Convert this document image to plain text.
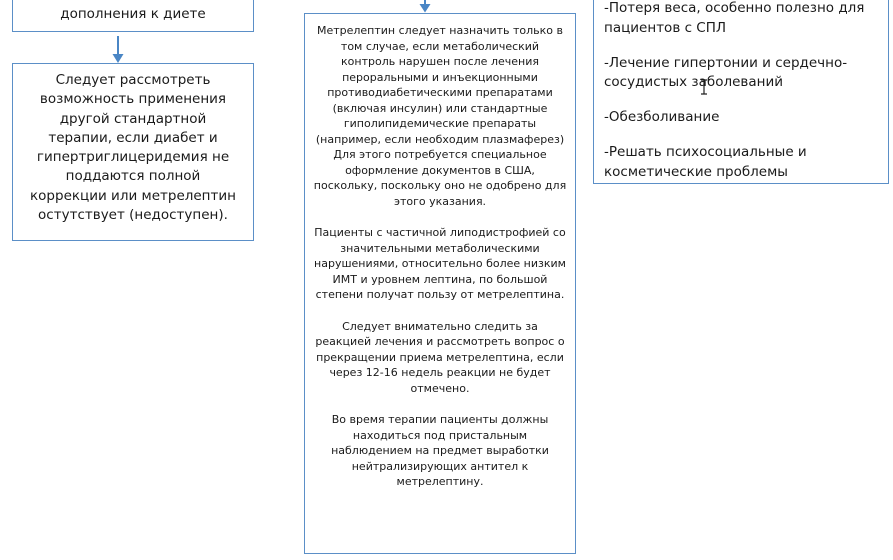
дополнения к диете

Следует рассмотреть возможность применения другой стандартной терапии, если диабет и гипертриглицеридемия не поддаются полной коррекции или метрелептин остутствует (недоступен).

Метрелептин следует назначить только в том случае, если метаболический контроль нарушен после лечения пероральными и инъекционными противодиабетическими препаратами (включая инсулин) или стандартные гиполипидемические препараты (например, если необходим плазмаферез) Для этого потребуется специальное оформление документов в США, поскольку, поскольку оно не одобрено для этого указания.

Пациенты с частичной липодистрофией со значительными метаболическими нарушениями, относительно более низким ИМТ и уровнем лептина, по большой степени получат пользу от метрелептина.

Следует внимательно следить за реакцией лечения и рассмотреть вопрос о прекращении приема метрелептина, если через 12-16 недель реакции не будет отмечено.

Во время терапии пациенты должны находиться под пристальным наблюдением на предмет выработки нейтрализирующих антител к метрелептину.

-Потеря веса, особенно полезно для пациентов с СПЛ

-Лечение гипертонии и сердечно-сосудистых заболеваний

-Обезболивание

-Решать психосоциальные и косметические проблемы
